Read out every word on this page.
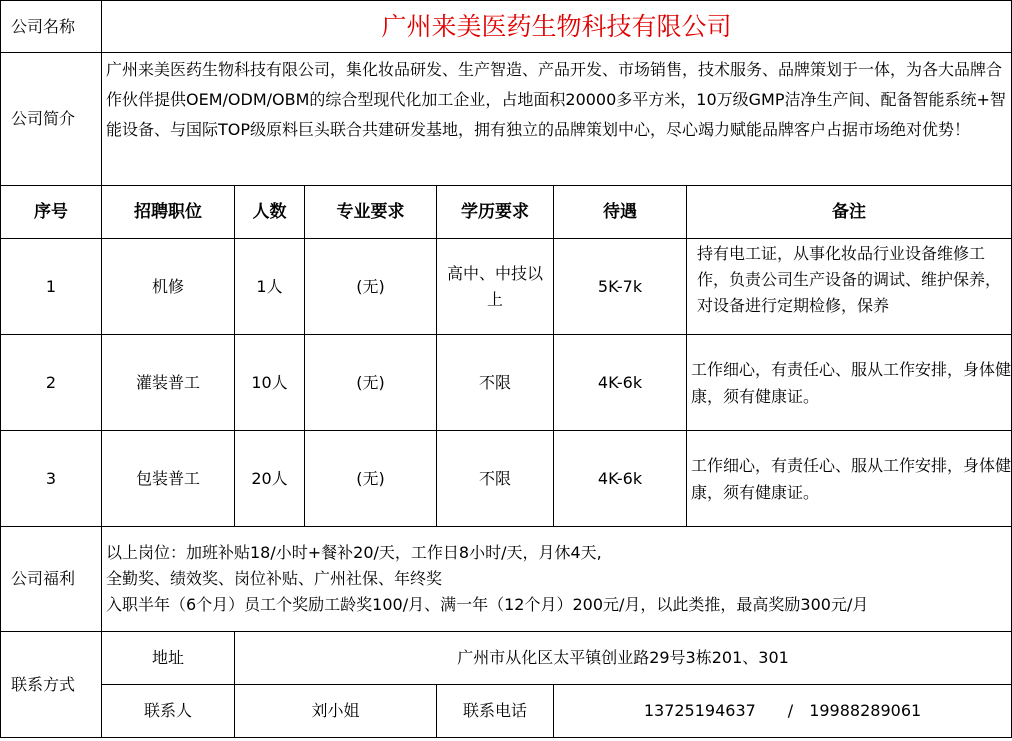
公司名称	广州来美医药生物科技有限公司					
公司简介	广州来美医药生物科技有限公司，集化妆品研发、生产智造、产品开发、市场销售，技术服务、品牌策划于一体，为各大品牌合作伙伴提供OEM/ODM/OBM的综合型现代化加工企业，占地面积20000多平方米，10万级GMP洁净生产间、配备智能系统+智能设备、与国际TOP级原料巨头联合共建研发基地，拥有独立的品牌策划中心，尽心竭力赋能品牌客户占据市场绝对优势！					
序号	招聘职位	人数	专业要求	学历要求	待遇	备注
1	机修	1人	(无)	高中、中技以上	5K-7k	持有电工证，从事化妆品行业设备维修工作，负责公司生产设备的调试、维护保养，对设备进行定期检修，保养

2	灌装普工	10人	(无)	不限	4K-6k	工作细心，有责任心、服从工作安排，身体健康，须有健康证。
3	包装普工	20人	(无)	不限	4K-6k	工作细心，有责任心、服从工作安排，身体健康，须有健康证。
公司福利	以上岗位：加班补贴18/小时+餐补20/天，工作日8小时/天，月休4天,
全勤奖、绩效奖、岗位补贴、广州社保、年终奖
入职半年（6个月）员工个奖励工龄奖100/月、满一年（12个月）200元/月，以此类推，最高奖励300元/月					

联系方式	地址	广州市从化区太平镇创业路29号3栋201、301				
	联系人	刘小姐		联系电话	13725194637　　/　19988289061	
